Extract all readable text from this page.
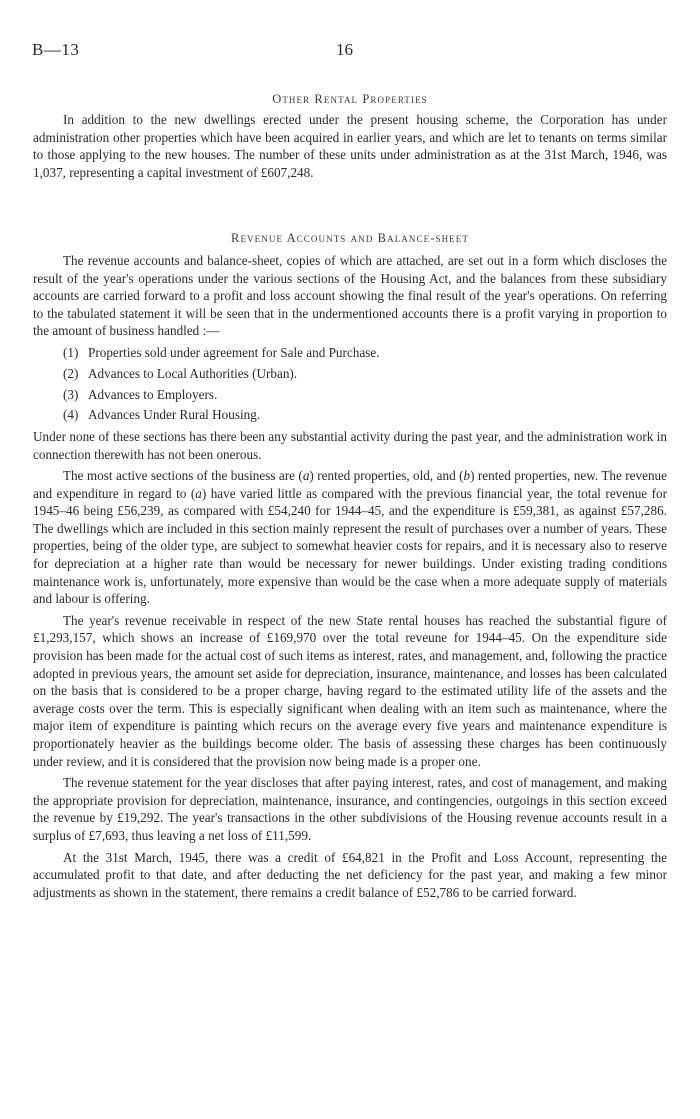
B—13	16
Other Rental Properties

In addition to the new dwellings erected under the present housing scheme, the Corporation has under administration other properties which have been acquired in earlier years, and which are let to tenants on terms similar to those applying to the new houses. The number of these units under administration as at the 31st March, 1946, was 1,037, representing a capital investment of £607,248.

Revenue Accounts and Balance-sheet

The revenue accounts and balance-sheet, copies of which are attached, are set out in a form which discloses the result of the year's operations under the various sections of the Housing Act, and the balances from these subsidiary accounts are carried forward to a profit and loss account showing the final result of the year's operations. On referring to the tabulated statement it will be seen that in the undermentioned accounts there is a profit varying in proportion to the amount of business handled :—

(1) Properties sold under agreement for Sale and Purchase.
(2) Advances to Local Authorities (Urban).
(3) Advances to Employers.
(4) Advances Under Rural Housing.

Under none of these sections has there been any substantial activity during the past year, and the administration work in connection therewith has not been onerous.

The most active sections of the business are (a) rented properties, old, and (b) rented properties, new. The revenue and expenditure in regard to (a) have varied little as compared with the previous financial year, the total revenue for 1945–46 being £56,239, as compared with £54,240 for 1944–45, and the expenditure is £59,381, as against £57,286. The dwellings which are included in this section mainly represent the result of purchases over a number of years. These properties, being of the older type, are subject to somewhat heavier costs for repairs, and it is necessary also to reserve for depreciation at a higher rate than would be necessary for newer buildings. Under existing trading conditions maintenance work is, unfortunately, more expensive than would be the case when a more adequate supply of materials and labour is offering.

The year's revenue receivable in respect of the new State rental houses has reached the substantial figure of £1,293,157, which shows an increase of £169,970 over the total reveune for 1944–45. On the expenditure side provision has been made for the actual cost of such items as interest, rates, and management, and, following the practice adopted in previous years, the amount set aside for depreciation, insurance, maintenance, and losses has been calculated on the basis that is considered to be a proper charge, having regard to the estimated utility life of the assets and the average costs over the term. This is especially significant when dealing with an item such as maintenance, where the major item of expenditure is painting which recurs on the average every five years and maintenance expenditure is proportionately heavier as the buildings become older. The basis of assessing these charges has been continuously under review, and it is considered that the provision now being made is a proper one.

The revenue statement for the year discloses that after paying interest, rates, and cost of management, and making the appropriate provision for depreciation, maintenance, insurance, and contingencies, outgoings in this section exceed the revenue by £19,292. The year's transactions in the other subdivisions of the Housing revenue accounts result in a surplus of £7,693, thus leaving a net loss of £11,599.

At the 31st March, 1945, there was a credit of £64,821 in the Profit and Loss Account, representing the accumulated profit to that date, and after deducting the net deficiency for the past year, and making a few minor adjustments as shown in the statement, there remains a credit balance of £52,786 to be carried forward.
